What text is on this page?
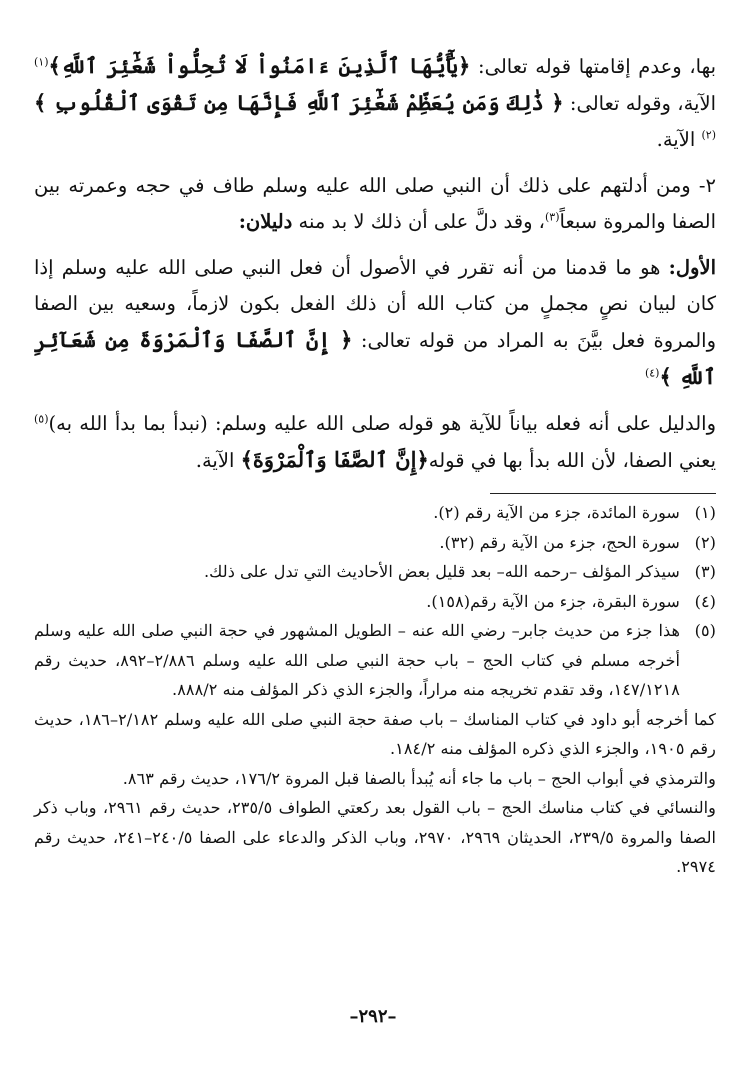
بها، وعدم إقامتها قوله تعالى: ﴿يَٰٓأَيُّهَا ٱلَّذِينَ ءَامَنُواْ لَا تُحِلُّواْ شَعَٰٓئِرَ ٱللَّهِ﴾$^{(١)}$ الآية، وقوله تعالى: ﴿ ذَٰلِكَ وَمَن يُعَظِّمْ شَعَٰٓئِرَ ٱللَّهِ فَإِنَّهَا مِن تَقْوَى ٱلْقُلُوبِ ﴾$^{(٢)}$ الآية.

٢- ومن أدلتهم على ذلك أن النبي صلى الله عليه وسلم طاف في حجه وعمرته بين الصفا والمروة سبعاً$^{(٣)}$، وقد دلَّ على أن ذلك لا بد منه دليلان:

الأول: هو ما قدمنا من أنه تقرر في الأصول أن فعل النبي صلى الله عليه وسلم إذا كان لبيان نصٍ مجملٍ من كتاب الله أن ذلك الفعل بكون لازماً، وسعيه بين الصفا والمروة فعل بيَّنَ به المراد من قوله تعالى: ﴿ إِنَّ ٱلصَّفَا وَٱلْمَرْوَةَ مِن شَعَآئِرِ ٱللَّهِ ﴾$^{(٤)}$

والدليل على أنه فعله بياناً للآية هو قوله صلى الله عليه وسلم: (نبدأ بما بدأ الله به)$^{(٥)}$ يعني الصفا، لأن الله بدأ بها في قوله﴿إِنَّ ٱلصَّفَا وَٱلْمَرْوَةَ﴾ الآية.

(١)سورة المائدة، جزء من الآية رقم (٢).
(٢)سورة الحج، جزء من الآية رقم (٣٢).
(٣)سيذكر المؤلف –رحمه الله– بعد قليل بعض الأحاديث التي تدل على ذلك.
(٤)سورة البقرة، جزء من الآية رقم(١٥٨).
(٥)هذا جزء من حديث جابر– رضي الله عنه – الطويل المشهور في حجة النبي صلى الله عليه وسلم أخرجه مسلم في كتاب الحج – باب حجة النبي صلى الله عليه وسلم ٢/٨٨٦–٨٩٢، حديث رقم ١٤٧/١٢١٨، وقد تقدم تخريجه منه مراراً، والجزء الذي ذكر المؤلف منه ٨٨٨/٢.
كما أخرجه أبو داود في كتاب المناسك – باب صفة حجة النبي صلى الله عليه وسلم ٢/١٨٢–١٨٦، حديث رقم ١٩٠٥، والجزء الذي ذكره المؤلف منه ١٨٤/٢.
والترمذي في أبواب الحج – باب ما جاء أنه يُبدأ بالصفا قبل المروة ١٧٦/٢، حديث رقم ٨٦٣.
والنسائي في كتاب مناسك الحج – باب القول بعد ركعتي الطواف ٢٣٥/٥، حديث رقم ٢٩٦١، وباب ذكر الصفا والمروة ٢٣٩/٥، الحديثان ٢٩٦٩، ٢٩٧٠، وباب الذكر والدعاء على الصفا ٢٤٠/٥–٢٤١، حديث رقم ٢٩٧٤.
–٢٩٢–
